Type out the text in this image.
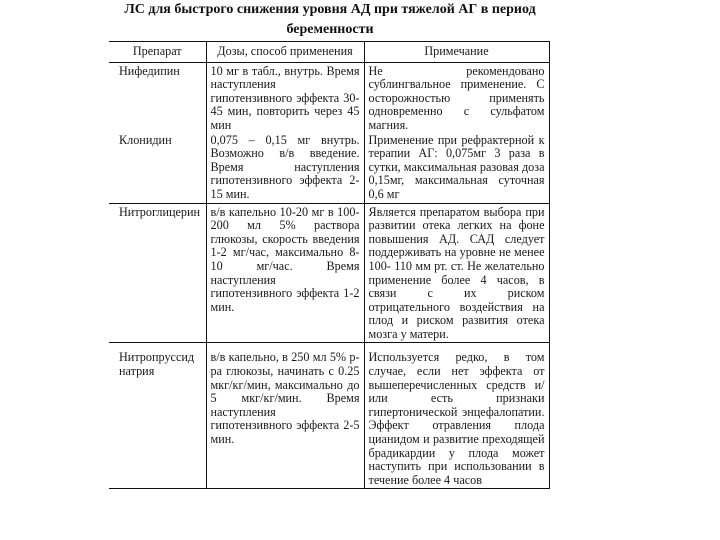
ЛС для быстрого снижения уровня АД при тяжелой АГ в период
беременности
Препарат	Дозы, способ применения	Примечание
Нифедипин	10 мг в табл., внутрь. Время наступления гипотензивного эффекта 30-45 мин, повторить через 45 мин	Не рекомендовано сублингвальное применение. С осторожностью применять одновременно с сульфатом магния.
Клонидин	0,075 – 0,15 мг внутрь. Возможно в/в введение. Время наступления гипотензивного эффекта 2-15 мин.	Применение при рефрактерной к терапии АГ: 0,075мг 3 раза в сутки, максимальная разовая доза 0,15мг, максимальная суточная 0,6 мг
Нитроглицерин	в/в капельно 10-20 мг в 100-200 мл 5% раствора глюкозы, скорость введения 1-2 мг/час, максимально 8-10 мг/час. Время наступления гипотензивного эффекта 1-2 мин.	Является препаратом выбора при развитии отека легких на фоне повышения АД. САД следует поддерживать на уровне не менее 100- 110 мм рт. ст. Не желательно применение более 4 часов, в связи с их риском отрицательного воздействия на плод и риском развития отека мозга у матери.
Нитропруссид натрия	в/в капельно, в 250 мл 5% р-ра глюкозы, начинать с 0.25 мкг/кг/мин, максимально до 5 мкг/кг/мин. Время наступления гипотензивного эффекта 2-5 мин.	Используется редко, в том случае, если нет эффекта от вышеперечисленных средств и/или есть признаки гипертонической энцефалопатии. Эффект отравления плода цианидом и развитие преходящей брадикардии у плода может наступить при использовании в течение более 4 часов
